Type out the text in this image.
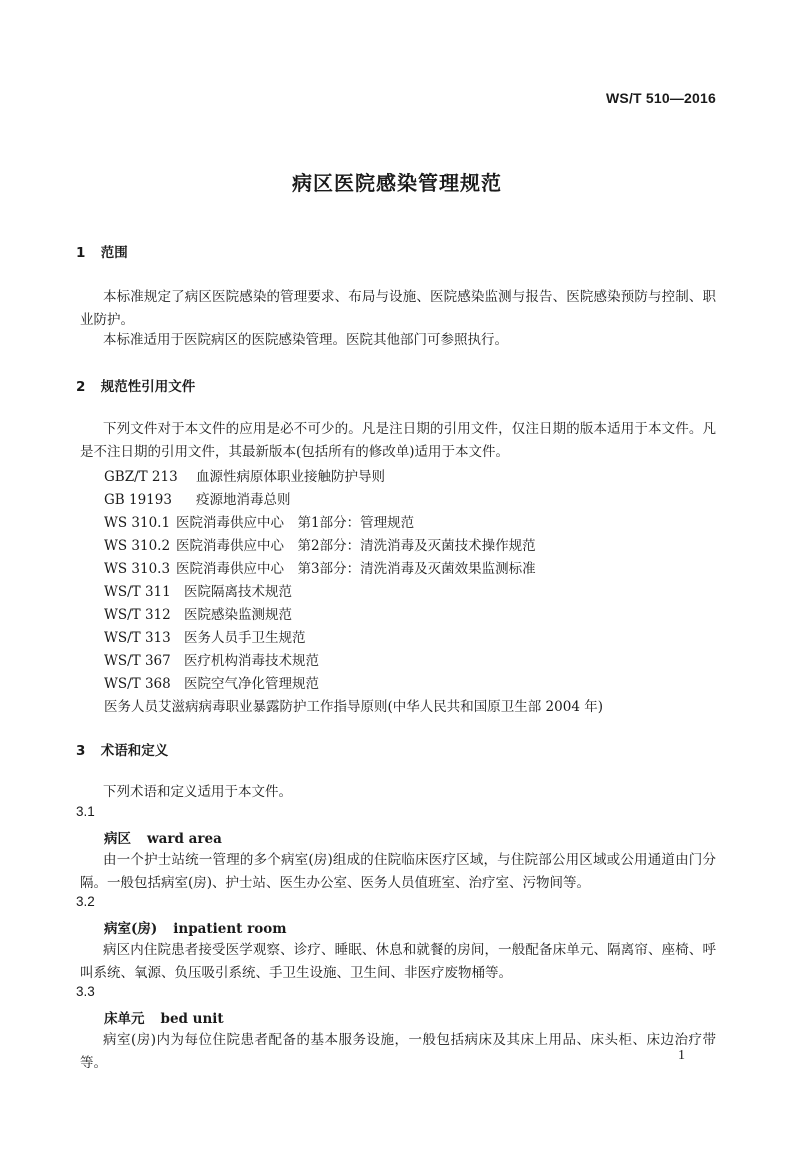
WS/T 510—2016
病区医院感染管理规范
1 范围
本标准规定了病区医院感染的管理要求、布局与设施、医院感染监测与报告、医院感染预防与控制、职业防护。
本标准适用于医院病区的医院感染管理。医院其他部门可参照执行。
2 规范性引用文件
下列文件对于本文件的应用是必不可少的。凡是注日期的引用文件，仅注日期的版本适用于本文件。凡是不注日期的引用文件，其最新版本(包括所有的修改单)适用于本文件。
GBZ/T 213 血源性病原体职业接触防护导则
GB 19193 疫源地消毒总则
WS 310.1 医院消毒供应中心　第1部分：管理规范
WS 310.2 医院消毒供应中心　第2部分：清洗消毒及灭菌技术操作规范
WS 310.3 医院消毒供应中心　第3部分：清洗消毒及灭菌效果监测标准
WS/T 311 医院隔离技术规范
WS/T 312 医院感染监测规范
WS/T 313 医务人员手卫生规范
WS/T 367 医疗机构消毒技术规范
WS/T 368 医院空气净化管理规范
医务人员艾滋病病毒职业暴露防护工作指导原则(中华人民共和国原卫生部 2004 年)
3 术语和定义
下列术语和定义适用于本文件。
3.1
病区 ward area
由一个护士站统一管理的多个病室(房)组成的住院临床医疗区域，与住院部公用区域或公用通道由门分隔。一般包括病室(房)、护士站、医生办公室、医务人员值班室、治疗室、污物间等。
3.2
病室(房) inpatient room
病区内住院患者接受医学观察、诊疗、睡眠、休息和就餐的房间，一般配备床单元、隔离帘、座椅、呼叫系统、氧源、负压吸引系统、手卫生设施、卫生间、非医疗废物桶等。
3.3
床单元 bed unit
病室(房)内为每位住院患者配备的基本服务设施，一般包括病床及其床上用品、床头柜、床边治疗带等。	1
